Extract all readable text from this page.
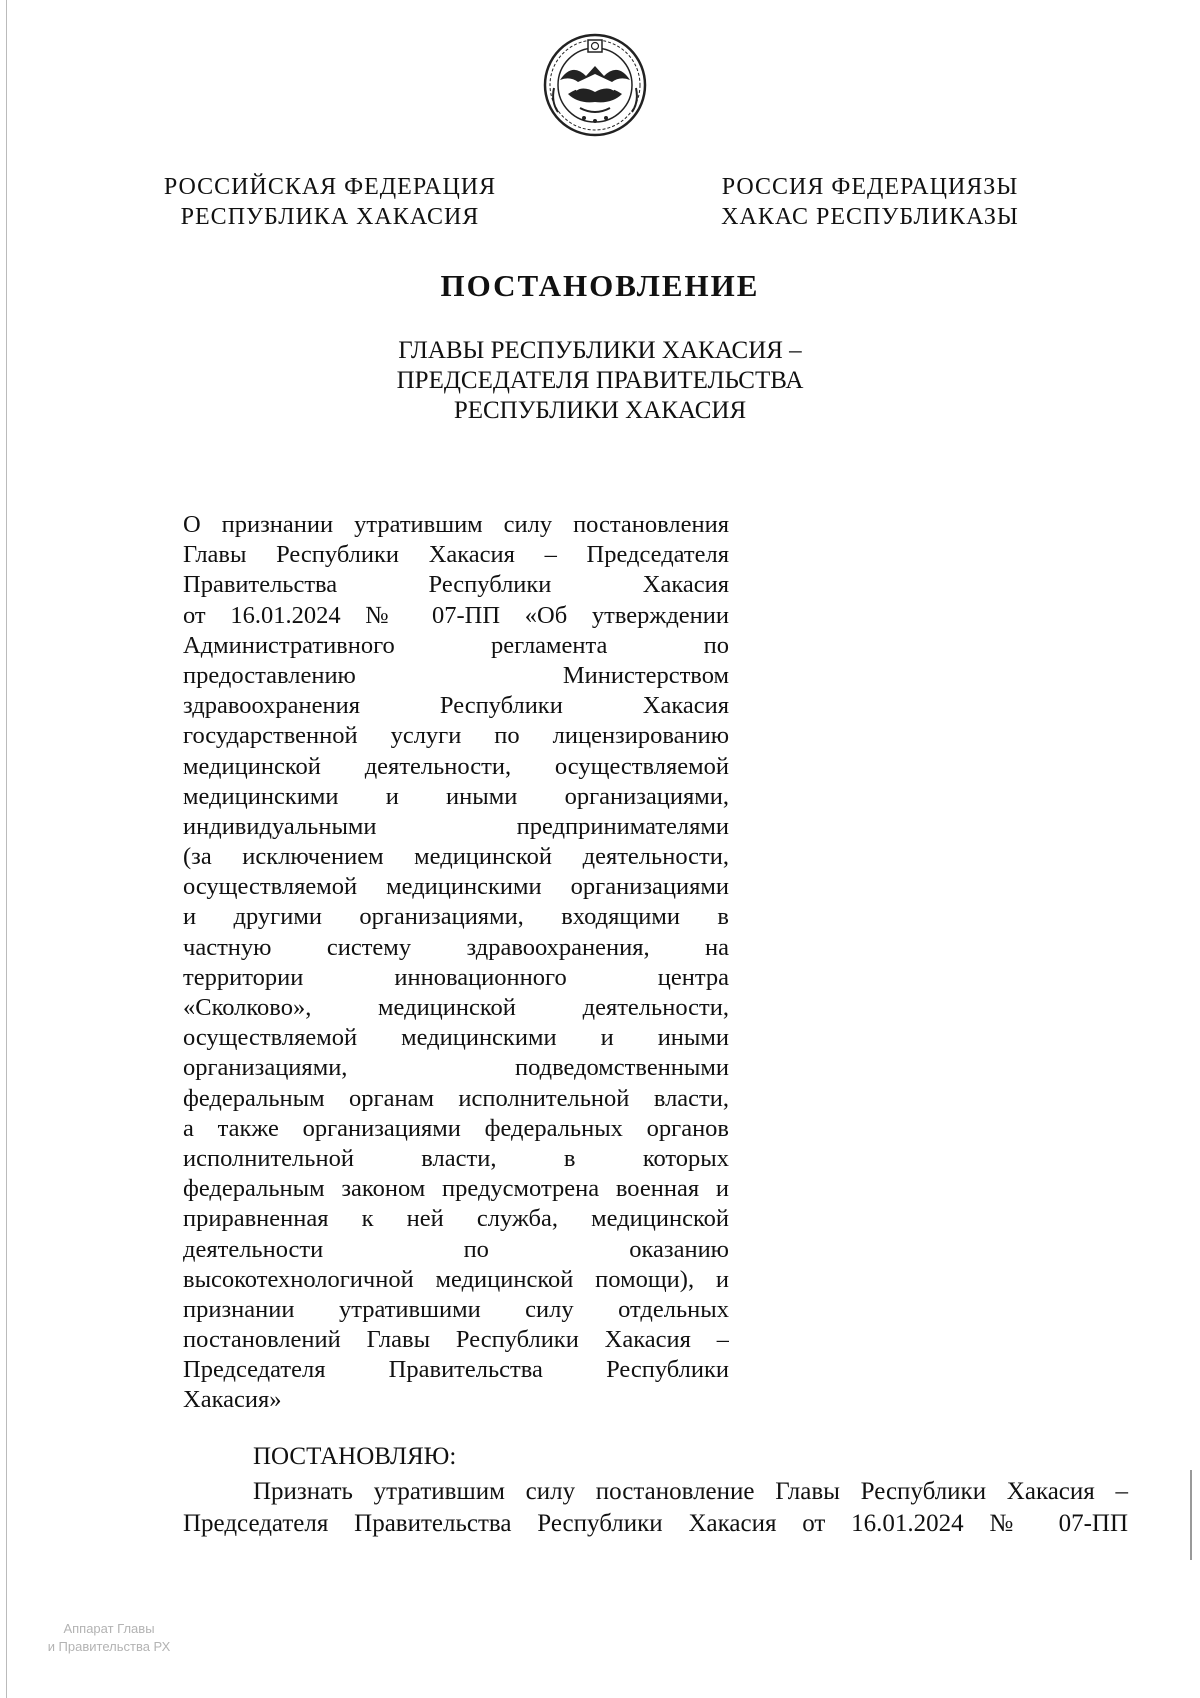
РОССИЙСКАЯ ФЕДЕРАЦИЯ
РЕСПУБЛИКА ХАКАСИЯ
РОССИЯ ФЕДЕРАЦИЯЗЫ
ХАКАС РЕСПУБЛИКАЗЫ
ПОСТАНОВЛЕНИЕ
ГЛАВЫ РЕСПУБЛИКИ ХАКАСИЯ –
ПРЕДСЕДАТЕЛЯ ПРАВИТЕЛЬСТВА
РЕСПУБЛИКИ ХАКАСИЯ
О признании утратившим силу постановления
Главы Республики Хакасия – Председателя
Правительства Республики Хакасия
от 16.01.2024 № 07-ПП «Об утверждении
Административного регламента по
предоставлению Министерством
здравоохранения Республики Хакасия
государственной услуги по лицензированию
медицинской деятельности, осуществляемой
медицинскими и иными организациями,
индивидуальными предпринимателями
(за исключением медицинской деятельности,
осуществляемой медицинскими организациями
и другими организациями, входящими в
частную систему здравоохранения, на
территории инновационного центра
«Сколково», медицинской деятельности,
осуществляемой медицинскими и иными
организациями, подведомственными
федеральным органам исполнительной власти,
а также организациями федеральных органов
исполнительной власти, в которых
федеральным законом предусмотрена военная и
приравненная к ней служба, медицинской
деятельности по оказанию
высокотехнологичной медицинской помощи), и
признании утратившими силу отдельных
постановлений Главы Республики Хакасия –
Председателя Правительства Республики
Хакасия»
ПОСТАНОВЛЯЮ:
Признать утратившим силу постановление Главы Республики Хакасия –
Председателя Правительства Республики Хакасия от 16.01.2024 № 07-ПП
Аппарат Главы
и Правительства РХ
